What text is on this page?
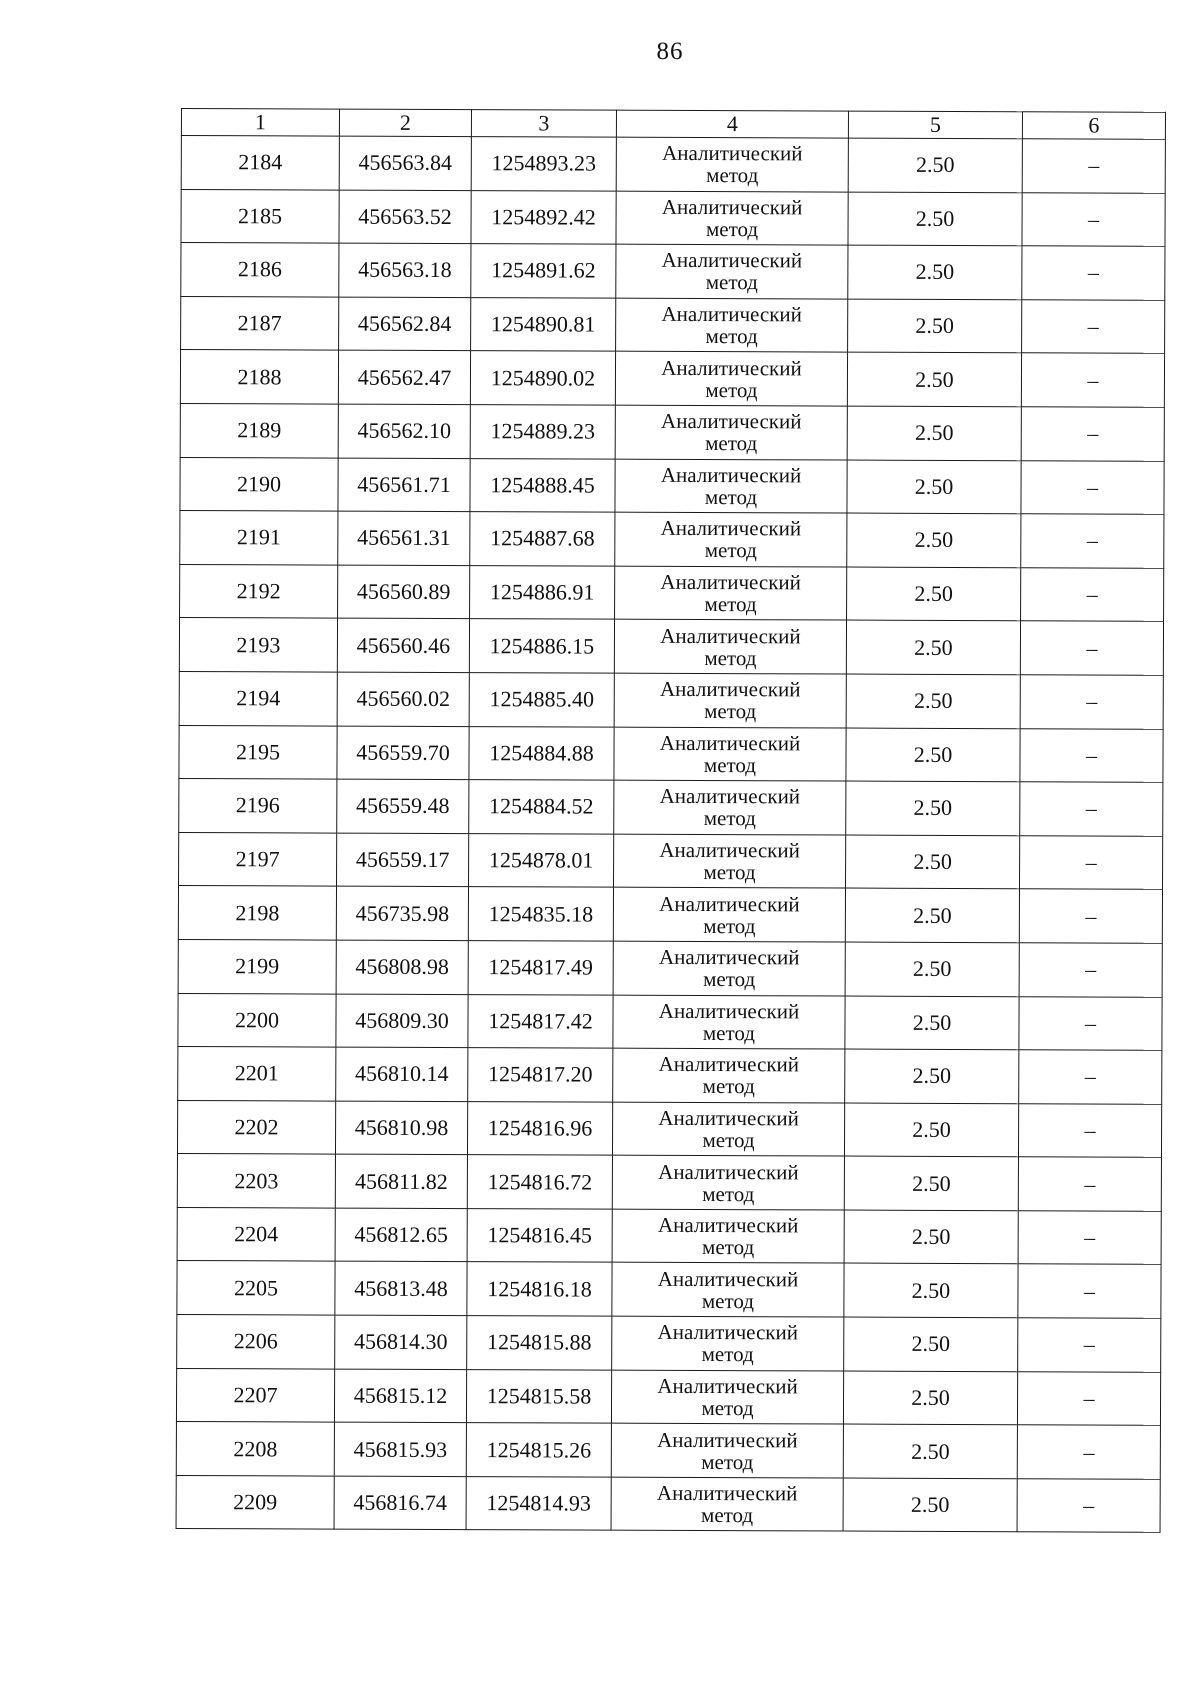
86
1	2	3	4	5	6
2184	456563.84	1254893.23	Аналитический
метод	2.50	–
2185	456563.52	1254892.42	Аналитический
метод	2.50	–
2186	456563.18	1254891.62	Аналитический
метод	2.50	–
2187	456562.84	1254890.81	Аналитический
метод	2.50	–
2188	456562.47	1254890.02	Аналитический
метод	2.50	–
2189	456562.10	1254889.23	Аналитический
метод	2.50	–
2190	456561.71	1254888.45	Аналитический
метод	2.50	–
2191	456561.31	1254887.68	Аналитический
метод	2.50	–
2192	456560.89	1254886.91	Аналитический
метод	2.50	–
2193	456560.46	1254886.15	Аналитический
метод	2.50	–
2194	456560.02	1254885.40	Аналитический
метод	2.50	–
2195	456559.70	1254884.88	Аналитический
метод	2.50	–
2196	456559.48	1254884.52	Аналитический
метод	2.50	–
2197	456559.17	1254878.01	Аналитический
метод	2.50	–
2198	456735.98	1254835.18	Аналитический
метод	2.50	–
2199	456808.98	1254817.49	Аналитический
метод	2.50	–
2200	456809.30	1254817.42	Аналитический
метод	2.50	–
2201	456810.14	1254817.20	Аналитический
метод	2.50	–
2202	456810.98	1254816.96	Аналитический
метод	2.50	–
2203	456811.82	1254816.72	Аналитический
метод	2.50	–
2204	456812.65	1254816.45	Аналитический
метод	2.50	–
2205	456813.48	1254816.18	Аналитический
метод	2.50	–
2206	456814.30	1254815.88	Аналитический
метод	2.50	–
2207	456815.12	1254815.58	Аналитический
метод	2.50	–
2208	456815.93	1254815.26	Аналитический
метод	2.50	–
2209	456816.74	1254814.93	Аналитический
метод	2.50	–
